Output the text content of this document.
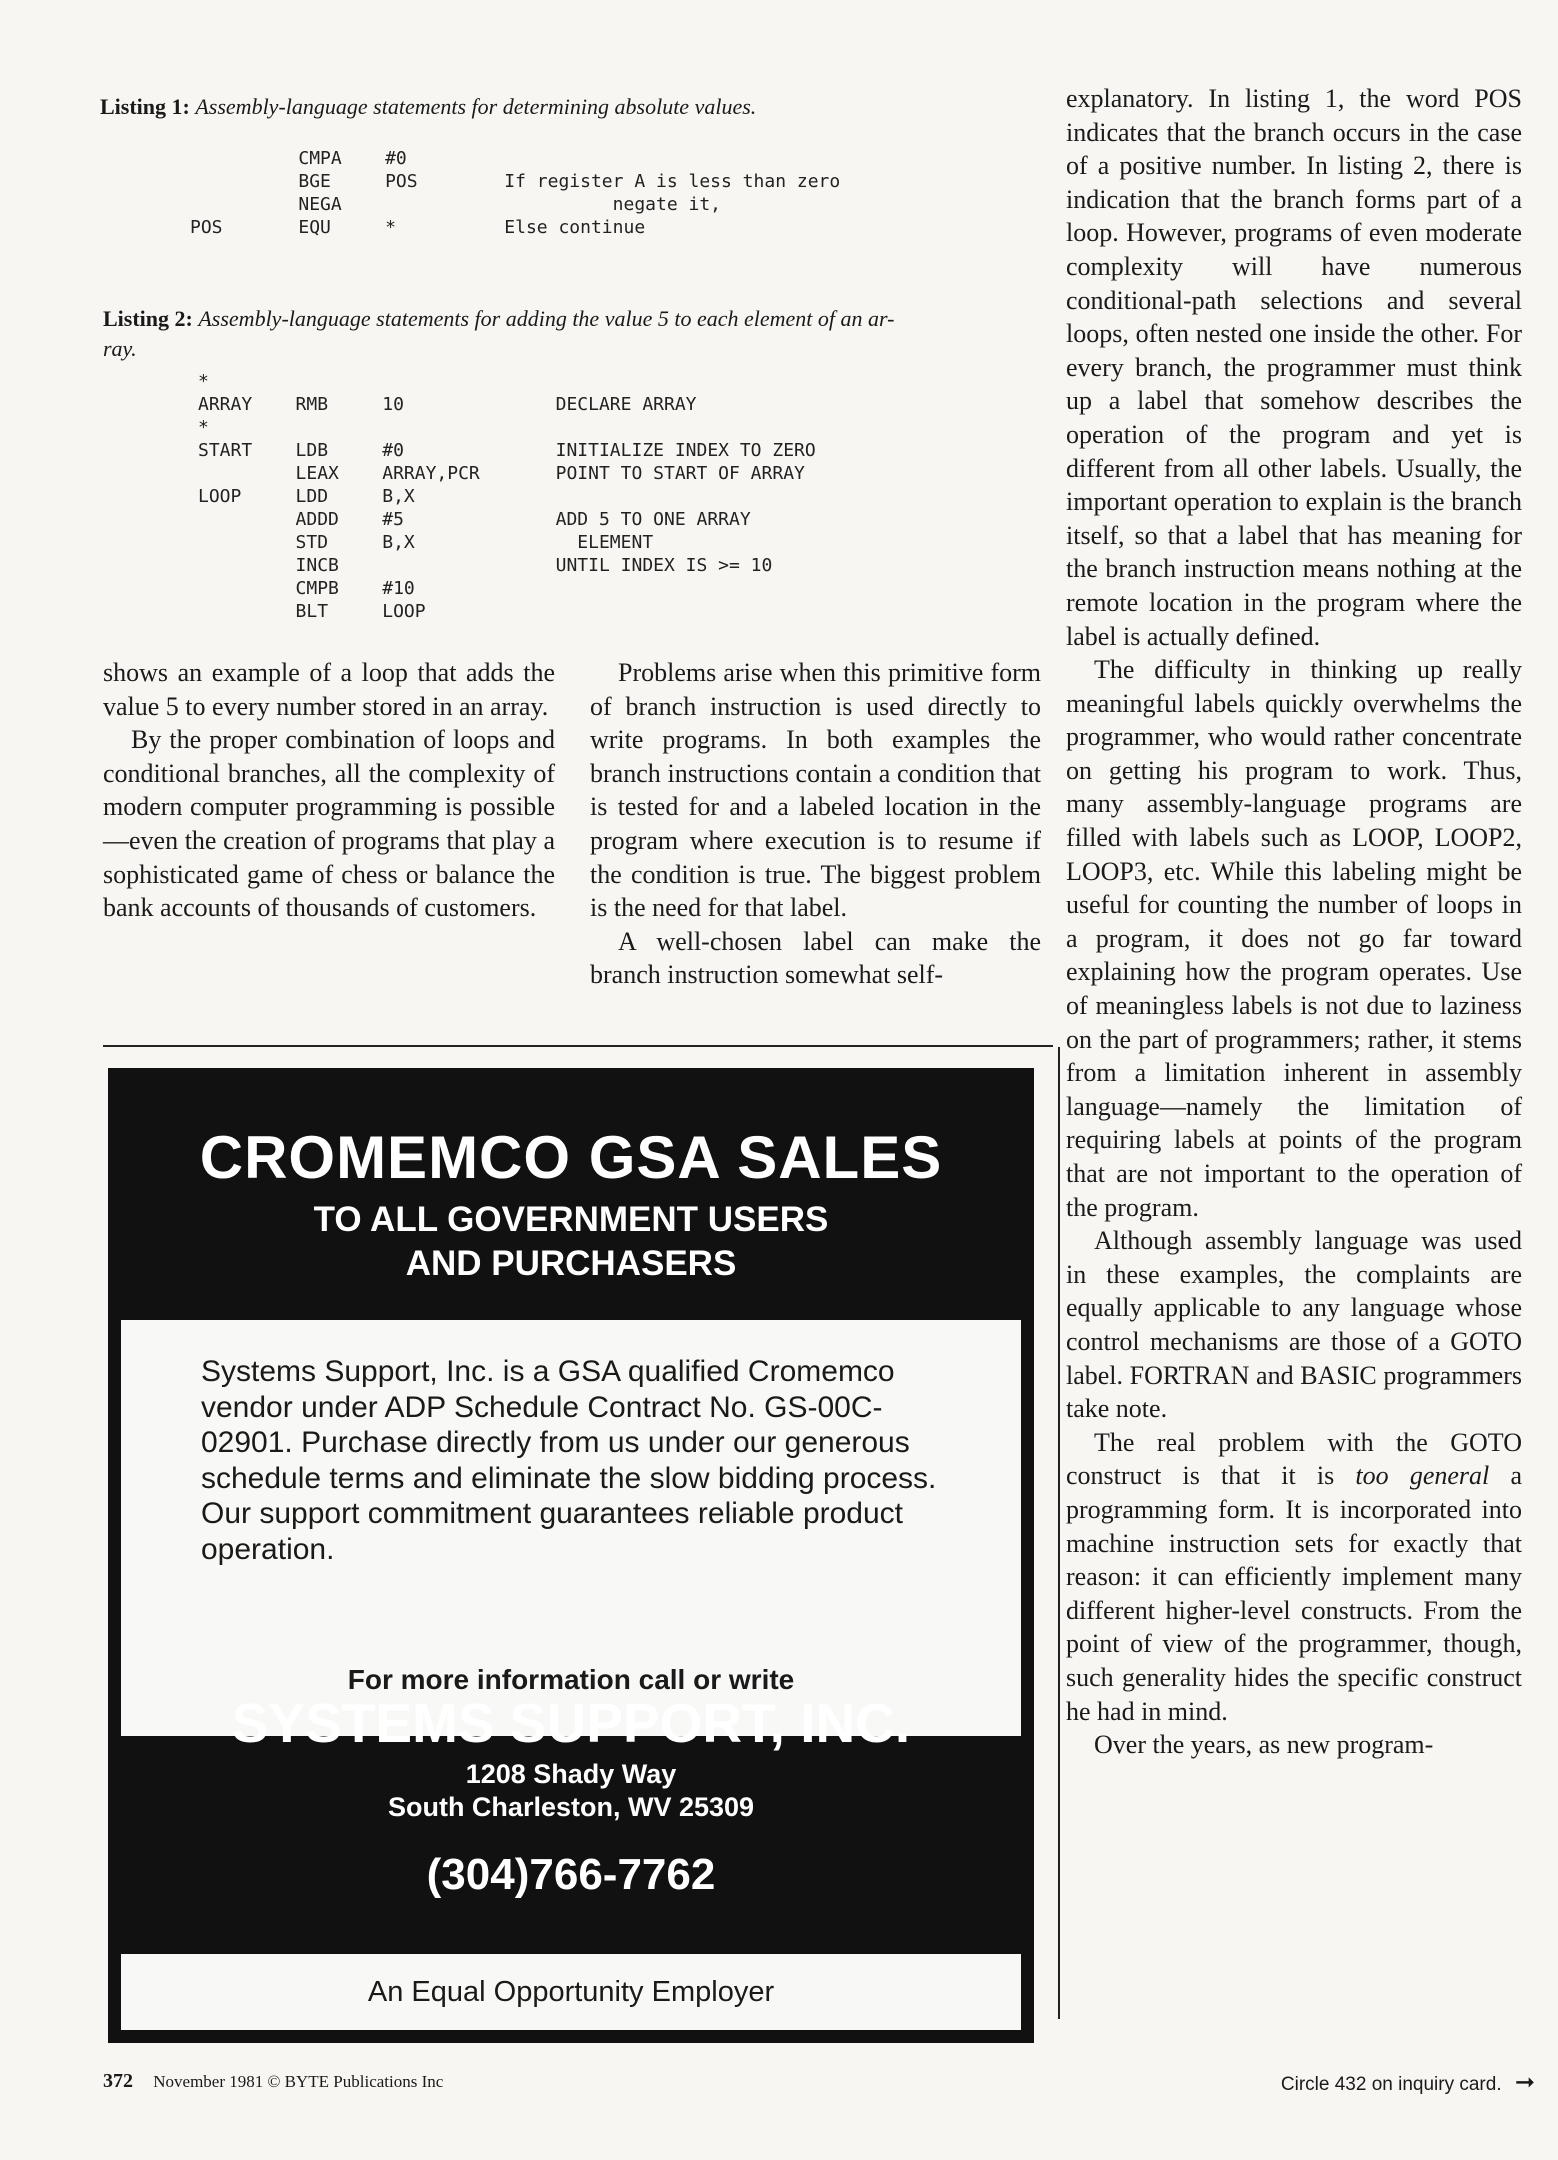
Listing 1: Assembly-language statements for determining absolute values.
CMPA    #0
BGE     POS        If register A is less than zero
NEGA                         negate it,
POS       EQU     *          Else continue
Listing 2: Assembly-language statements for adding the value 5 to each element of an ar-
ray.
*
ARRAY    RMB     10              DECLARE ARRAY
*
START    LDB     #0              INITIALIZE INDEX TO ZERO
LEAX    ARRAY,PCR       POINT TO START OF ARRAY
LOOP     LDD     B,X
ADDD    #5              ADD 5 TO ONE ARRAY
STD     B,X               ELEMENT
INCB                    UNTIL INDEX IS >= 10
CMPB    #10
BLT     LOOP

shows an example of a loop that adds the value 5 to every number stored in an array.

By the proper combination of loops and conditional branches, all the complexity of modern computer programming is possible—even the creation of programs that play a sophisticated game of chess or balance the bank accounts of thousands of customers.

Problems arise when this primitive form of branch instruction is used directly to write programs. In both examples the branch instructions contain a condition that is tested for and a labeled location in the program where execution is to resume if the condition is true. The biggest problem is the need for that label.

A well-chosen label can make the branch instruction somewhat self-

explanatory. In listing 1, the word POS indicates that the branch occurs in the case of a positive number. In listing 2, there is indication that the branch forms part of a loop. However, programs of even moderate complexity will have numerous conditional-path selections and several loops, often nested one inside the other. For every branch, the programmer must think up a label that somehow describes the operation of the program and yet is different from all other labels. Usually, the important operation to explain is the branch itself, so that a label that has meaning for the branch instruction means nothing at the remote location in the program where the label is actually defined.

The difficulty in thinking up really meaningful labels quickly overwhelms the programmer, who would rather concentrate on getting his program to work. Thus, many assembly-language programs are filled with labels such as LOOP, LOOP2, LOOP3, etc. While this labeling might be useful for counting the number of loops in a program, it does not go far toward explaining how the program operates. Use of meaningless labels is not due to laziness on the part of programmers; rather, it stems from a limitation inherent in assembly language—namely the limitation of requiring labels at points of the program that are not important to the operation of the program.

Although assembly language was used in these examples, the complaints are equally applicable to any language whose control mechanisms are those of a GOTO label. FORTRAN and BASIC programmers take note.

The real problem with the GOTO construct is that it is too general a programming form. It is incorporated into machine instruction sets for exactly that reason: it can efficiently implement many different higher-level constructs. From the point of view of the programmer, though, such generality hides the specific construct he had in mind.

Over the years, as new program-

CROMEMCO GSA SALES
TO ALL GOVERNMENT USERS
AND PURCHASERS
Systems Support, Inc. is a GSA qualified Cromemco vendor under ADP Schedule Contract No. GS-00C-02901. Purchase directly from us under our generous schedule terms and eliminate the slow bidding process. Our support commitment guarantees reliable product operation.
For more information call or write
SYSTEMS SUPPORT, INC.
1208 Shady Way
South Charleston, WV 25309
(304)766-7762
An Equal Opportunity Employer
372 November 1981 © BYTE Publications Inc	Circle 432 on inquiry card. ➞
